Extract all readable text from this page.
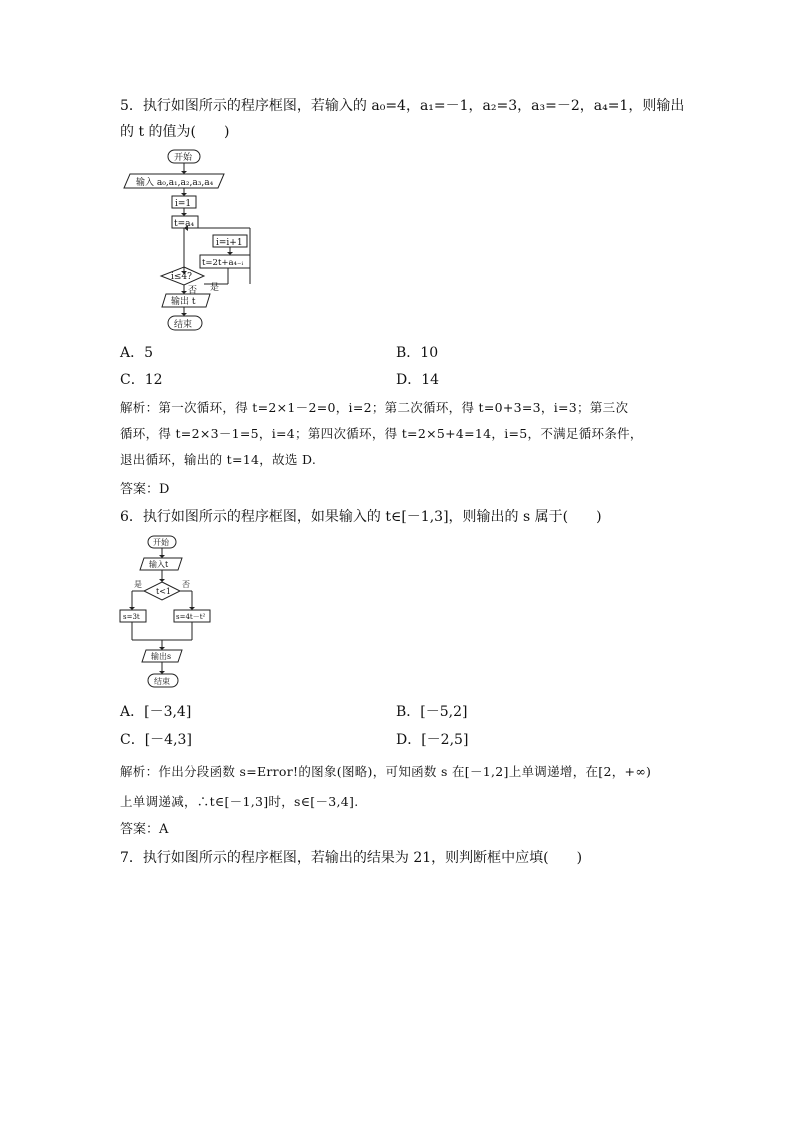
5．执行如图所示的程序框图，若输入的 a₀=4，a₁=－1，a₂=3，a₃=－2，a₄=1，则输出
的 t 的值为(　　)
开始
输入 a₀,a₁,a₂,a₃,a₄
i=1
t=a₄
i=i+1
t=2t+a₄₋ᵢ
i≤4?
否 是
输出 t
结束
A．5	B．10
C．12	D．14
解析：第一次循环，得 t=2×1－2=0，i=2；第二次循环，得 t=0+3=3，i=3；第三次
循环，得 t=2×3－1=5，i=4；第四次循环，得 t=2×5+4=14，i=5，不满足循环条件，
退出循环，输出的 t=14，故选 D.
答案：D
6．执行如图所示的程序框图，如果输入的 t∈[－1,3]，则输出的 s 属于(　　)
开始
输入t
t<1
是	否
s=3t	s=4t－t²
输出s
结束
A．[－3,4]	B．[－5,2]
C．[－4,3]	D．[－2,5]
解析：作出分段函数 s=Error!的图象(图略)，可知函数 s 在[－1,2]上单调递增，在[2，+∞)
上单调递减，∴t∈[－1,3]时，s∈[－3,4].
答案：A
7．执行如图所示的程序框图，若输出的结果为 21，则判断框中应填(　　)
